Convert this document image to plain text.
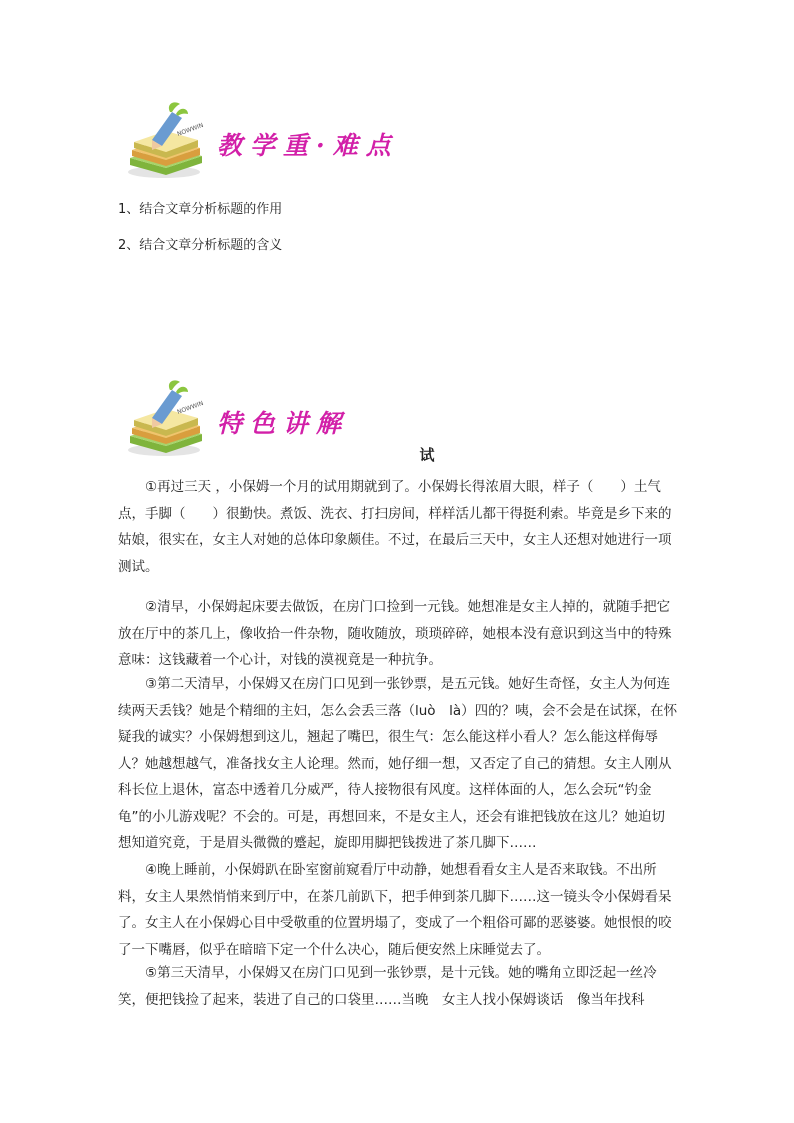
NOWWIN
教学重·难点
1、结合文章分析标题的作用
2、结合文章分析标题的含义
NOWWIN
特色讲解
试

①再过三天 ，小保姆一个月的试用期就到了。小保姆长得浓眉大眼，样子（　　）土气点，手脚（　　）很勤快。煮饭、洗衣、打扫房间，样样活儿都干得挺利索。毕竟是乡下来的姑娘，很实在，女主人对她的总体印象颇佳。不过，在最后三天中，女主人还想对她进行一项测试。

②清早，小保姆起床要去做饭，在房门口捡到一元钱。她想准是女主人掉的，就随手把它放在厅中的茶几上，像收拾一件杂物，随收随放，琐琐碎碎，她根本没有意识到这当中的特殊意味：这钱藏着一个心计，对钱的漠视竟是一种抗争。

③第二天清早，小保姆又在房门口见到一张钞票，是五元钱。她好生奇怪，女主人为何连续两天丢钱？她是个精细的主妇，怎么会丢三落（luò　là）四的？咦，会不会是在试探，在怀疑我的诚实？小保姆想到这儿，翘起了嘴巴，很生气：怎么能这样小看人？怎么能这样侮辱人？她越想越气，准备找女主人论理。然而，她仔细一想，又否定了自己的猜想。女主人刚从科长位上退休，富态中透着几分威严，待人接物很有风度。这样体面的人，怎么会玩“钓金龟”的小儿游戏呢？不会的。可是，再想回来，不是女主人，还会有谁把钱放在这儿？她迫切想知道究竟，于是眉头微微的蹙起，旋即用脚把钱拨进了茶几脚下……

④晚上睡前，小保姆趴在卧室窗前窥看厅中动静，她想看看女主人是否来取钱。不出所料，女主人果然悄悄来到厅中，在茶几前趴下，把手伸到茶几脚下……这一镜头令小保姆看呆了。女主人在小保姆心目中受敬重的位置坍塌了，变成了一个粗俗可鄙的恶婆婆。她恨恨的咬了一下嘴唇，似乎在暗暗下定一个什么决心，随后便安然上床睡觉去了。

⑤第三天清早，小保姆又在房门口见到一张钞票，是十元钱。她的嘴角立即泛起一丝冷笑，便把钱捡了起来，装进了自己的口袋里……当晚　女主人找小保姆谈话　像当年找科
